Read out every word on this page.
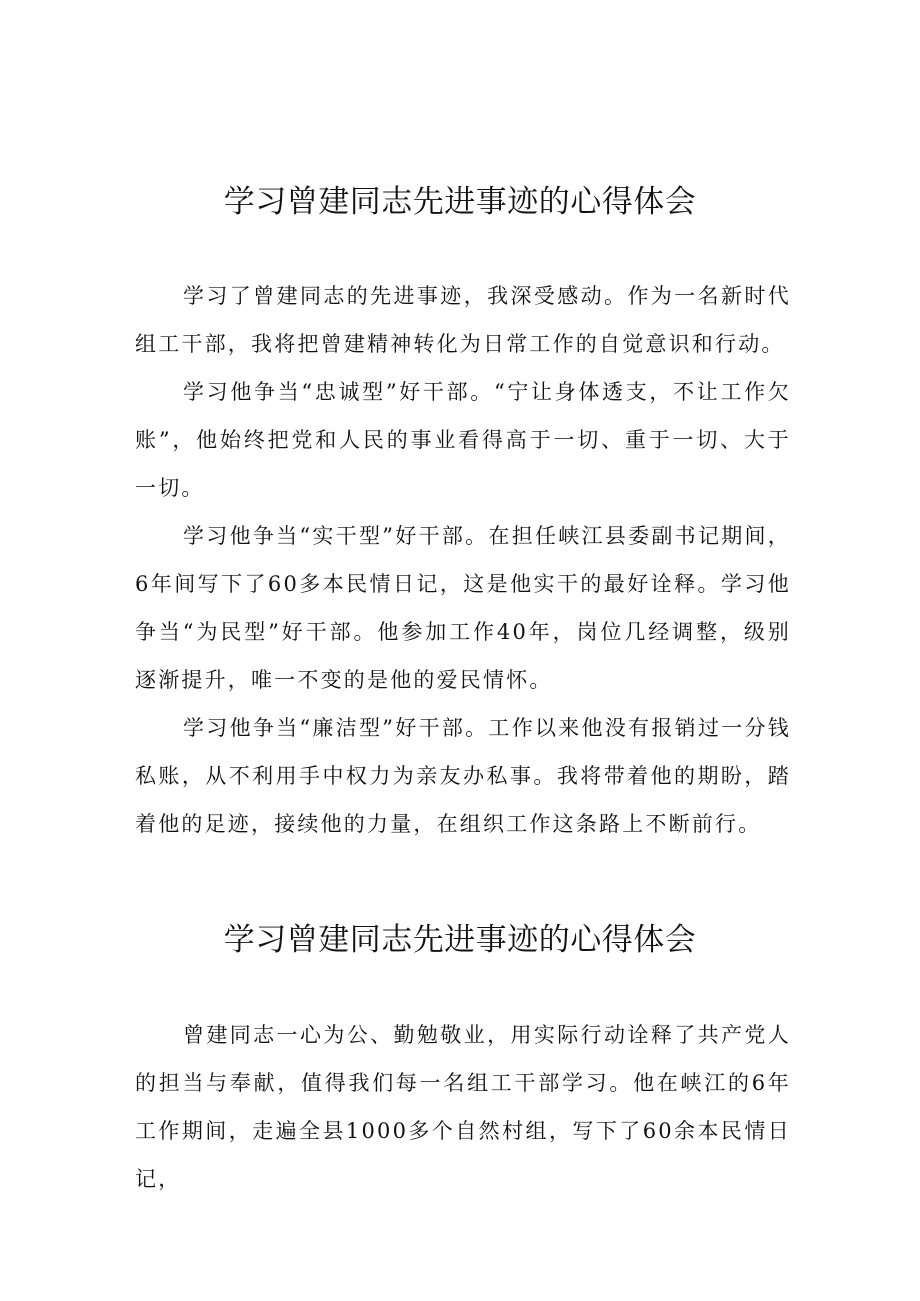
学习曾建同志先进事迹的心得体会

学习了曾建同志的先进事迹，我深受感动。作为一名新时代组工干部，我将把曾建精神转化为日常工作的自觉意识和行动。

学习他争当“忠诚型”好干部。“宁让身体透支，不让工作欠账”，他始终把党和人民的事业看得高于一切、重于一切、大于一切。

学习他争当“实干型”好干部。在担任峡江县委副书记期间，6年间写下了60多本民情日记，这是他实干的最好诠释。学习他争当“为民型”好干部。他参加工作40年，岗位几经调整，级别逐渐提升，唯一不变的是他的爱民情怀。

学习他争当“廉洁型”好干部。工作以来他没有报销过一分钱私账，从不利用手中权力为亲友办私事。我将带着他的期盼，踏着他的足迹，接续他的力量，在组织工作这条路上不断前行。

学习曾建同志先进事迹的心得体会

曾建同志一心为公、勤勉敬业，用实际行动诠释了共产党人的担当与奉献，值得我们每一名组工干部学习。他在峡江的6年工作期间，走遍全县1000多个自然村组，写下了60余本民情日记，
